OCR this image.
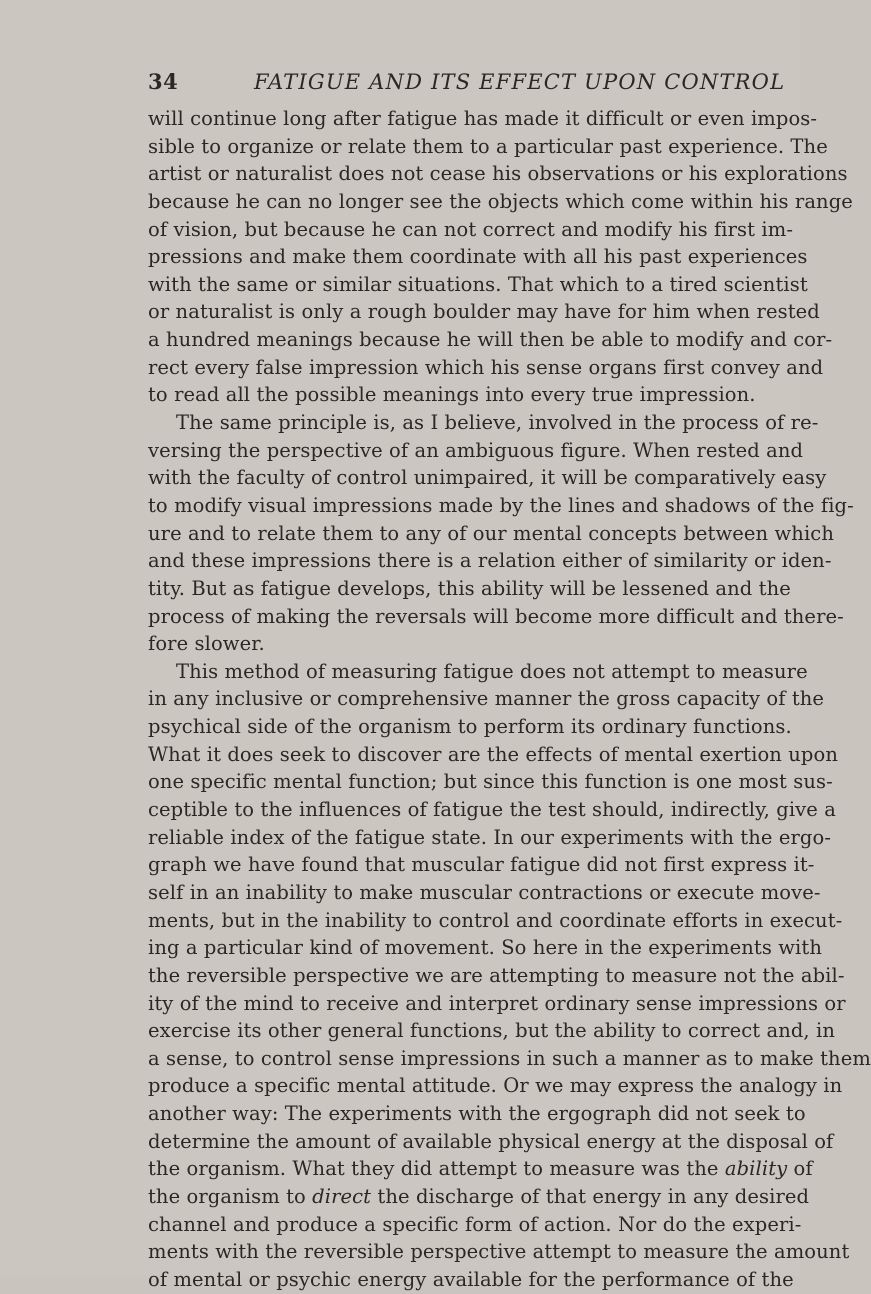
34	FATIGUE AND ITS EFFECT UPON CONTROL
will continue long after fatigue has made it difficult or even impos-
sible to organize or relate them to a particular past experience. The
artist or naturalist does not cease his observations or his explorations
because he can no longer see the objects which come within his range
of vision, but because he can not correct and modify his first im-
pressions and make them coordinate with all his past experiences
with the same or similar situations. That which to a tired scientist
or naturalist is only a rough boulder may have for him when rested
a hundred meanings because he will then be able to modify and cor-
rect every false impression which his sense organs first convey and
to read all the possible meanings into every true impression.
The same principle is, as I believe, involved in the process of re-
versing the perspective of an ambiguous figure. When rested and
with the faculty of control unimpaired, it will be comparatively easy
to modify visual impressions made by the lines and shadows of the fig-
ure and to relate them to any of our mental concepts between which
and these impressions there is a relation either of similarity or iden-
tity. But as fatigue develops, this ability will be lessened and the
process of making the reversals will become more difficult and there-
fore slower.
This method of measuring fatigue does not attempt to measure
in any inclusive or comprehensive manner the gross capacity of the
psychical side of the organism to perform its ordinary functions.
What it does seek to discover are the effects of mental exertion upon
one specific mental function; but since this function is one most sus-
ceptible to the influences of fatigue the test should, indirectly, give a
reliable index of the fatigue state. In our experiments with the ergo-
graph we have found that muscular fatigue did not first express it-
self in an inability to make muscular contractions or execute move-
ments, but in the inability to control and coordinate efforts in execut-
ing a particular kind of movement. So here in the experiments with
the reversible perspective we are attempting to measure not the abil-
ity of the mind to receive and interpret ordinary sense impressions or
exercise its other general functions, but the ability to correct and, in
a sense, to control sense impressions in such a manner as to make them
produce a specific mental attitude. Or we may express the analogy in
another way: The experiments with the ergograph did not seek to
determine the amount of available physical energy at the disposal of
the organism. What they did attempt to measure was the ability of
the organism to direct the discharge of that energy in any desired
channel and produce a specific form of action. Nor do the experi-
ments with the reversible perspective attempt to measure the amount
of mental or psychic energy available for the performance of the
